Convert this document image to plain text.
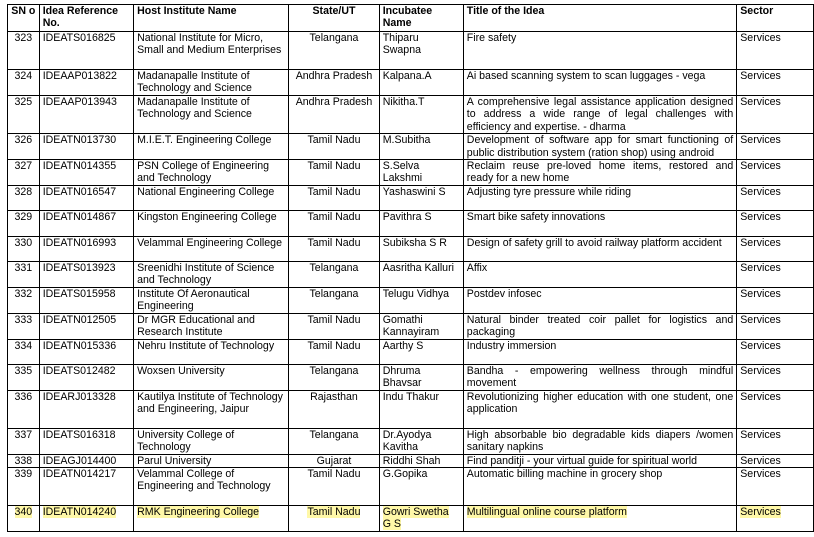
SN o	Idea Reference No.	Host Institute Name	State/UT	Incubatee Name	Title of the Idea	Sector
323	IDEATS016825	National Institute for Micro, Small and Medium Enterprises	Telangana	Thiparu Swapna	Fire safety	Services
324	IDEAAP013822	Madanapalle Institute of Technology and Science	Andhra Pradesh	Kalpana.A	Ai based scanning system to scan luggages - vega	Services
325	IDEAAP013943	Madanapalle Institute of Technology and Science	Andhra Pradesh	Nikitha.T	A comprehensive legal assistance application designed to address a wide range of legal challenges with efficiency and expertise. - dharma	Services
326	IDEATN013730	M.I.E.T. Engineering College	Tamil Nadu	M.Subitha	Development of software app for smart functioning of public distribution system (ration shop) using android	Services
327	IDEATN014355	PSN College of Engineering and Technology	Tamil Nadu	S.Selva Lakshmi	Reclaim reuse pre-loved home items, restored and ready for a new home	Services
328	IDEATN016547	National Engineering College	Tamil Nadu	Yashaswini S	Adjusting tyre pressure while riding	Services
329	IDEATN014867	Kingston Engineering College	Tamil Nadu	Pavithra S	Smart bike safety innovations	Services
330	IDEATN016993	Velammal Engineering College	Tamil Nadu	Subiksha S R	Design of safety grill to avoid railway platform accident	Services
331	IDEATS013923	Sreenidhi Institute of Science and Technology	Telangana	Aasritha Kalluri	Affix	Services
332	IDEATS015958	Institute Of Aeronautical Engineering	Telangana	Telugu Vidhya	Postdev infosec	Services
333	IDEATN012505	Dr MGR Educational and Research Institute	Tamil Nadu	Gomathi Kannayiram	Natural binder treated coir pallet for logistics and packaging	Services
334	IDEATN015336	Nehru Institute of Technology	Tamil Nadu	Aarthy S	Industry immersion	Services
335	IDEATS012482	Woxsen University	Telangana	Dhruma Bhavsar	Bandha - empowering wellness through mindful movement	Services
336	IDEARJ013328	Kautilya Institute of Technology and Engineering, Jaipur	Rajasthan	Indu Thakur	Revolutionizing higher education with one student, one application	Services
337	IDEATS016318	University College of Technology	Telangana	Dr.Ayodya Kavitha	High absorbable bio degradable kids diapers /women sanitary napkins	Services
338	IDEAGJ014400	Parul University	Gujarat	Riddhi Shah	Find panditji - your virtual guide for spiritual world	Services
339	IDEATN014217	Velammal College of Engineering and Technology	Tamil Nadu	G.Gopika	Automatic billing machine in grocery shop	Services
340	IDEATN014240	RMK Engineering College	Tamil Nadu	Gowri Swetha G S	Multilingual online course platform	Services
